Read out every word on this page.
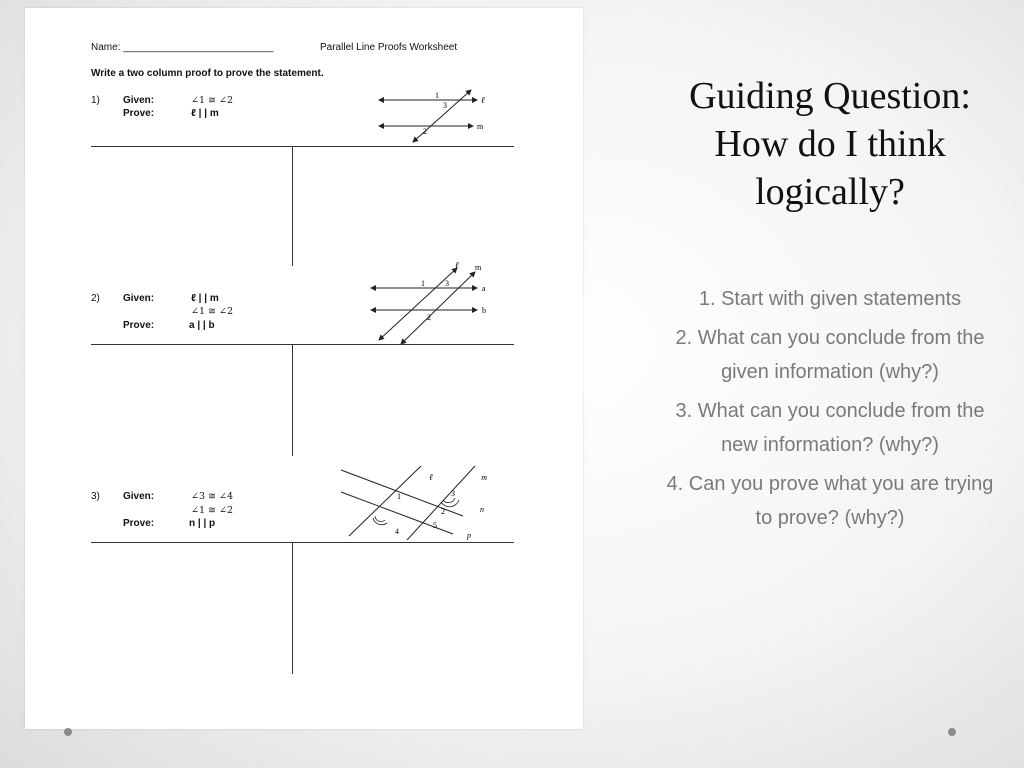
Name: ___________________________	Parallel Line Proofs Worksheet
Write a two column proof to prove the statement.
1) Given:	∠1 ≅ ∠2
Prove:	ℓ | | m
1
3
2
ℓ
m
2) Given:	ℓ | | m
∠1 ≅ ∠2
Prove:	a | | b
ℓ m
1	3
a
2
b
3) Given:	∠3 ≅ ∠4
∠1 ≅ ∠2
Prove:	n | | p
ℓ	m
1	3
2	n
5
4	p
Guiding Question: How do I think logically?
1. Start with given statements
2. What can you conclude from the given information (why?)
3. What can you conclude from the new information? (why?)
4. Can you prove what you are trying to prove? (why?)
